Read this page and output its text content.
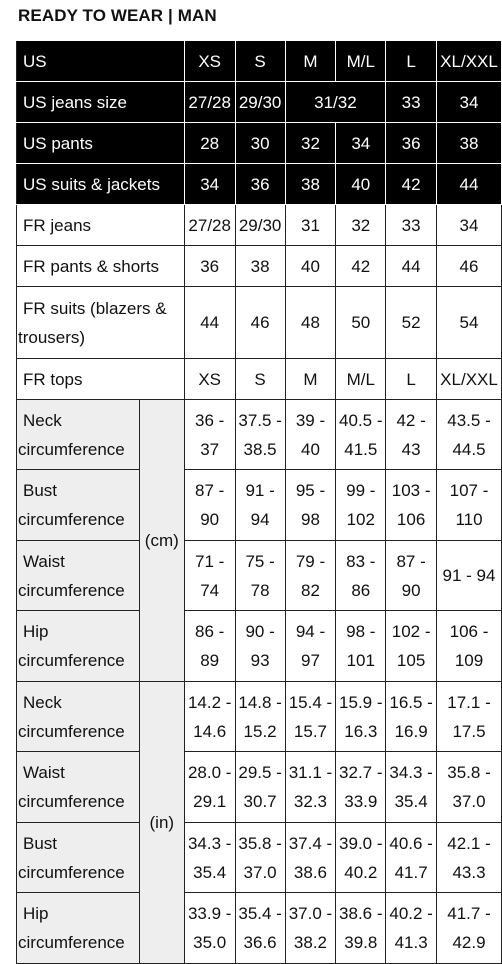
READY TO WEAR | MAN
US		XS	S	M	M/L	L	XL/XXL
US jeans size		27/28	29/30	31/32		33	34
US pants		28	30	32	34	36	38
US suits & jackets		34	36	38	40	42	44
FR jeans		27/28	29/30	31	32	33	34
FR pants & shorts		36	38	40	42	44	46
FR suits (blazers & trousers)		44	46	48	50	52	54
FR tops		XS	S	M	M/L	L	XL/XXL
Neck circumference	(cm)	36 - 37	37.5 - 38.5	39 - 40	40.5 - 41.5	42 - 43	43.5 - 44.5
Bust circumference		87 - 90	91 - 94	95 - 98	99 - 102	103 - 106	107 - 110
Waist circumference		71 - 74	75 - 78	79 - 82	83 - 86	87 - 90	91 - 94
Hip circumference		86 - 89	90 - 93	94 - 97	98 - 101	102 - 105	106 - 109
Neck circumference	(in)	14.2 - 14.6	14.8 - 15.2	15.4 - 15.7	15.9 - 16.3	16.5 - 16.9	17.1 - 17.5
Waist circumference		28.0 - 29.1	29.5 - 30.7	31.1 - 32.3	32.7 - 33.9	34.3 - 35.4	35.8 - 37.0
Bust circumference		34.3 - 35.4	35.8 - 37.0	37.4 - 38.6	39.0 - 40.2	40.6 - 41.7	42.1 - 43.3
Hip circumference		33.9 - 35.0	35.4 - 36.6	37.0 - 38.2	38.6 - 39.8	40.2 - 41.3	41.7 - 42.9
